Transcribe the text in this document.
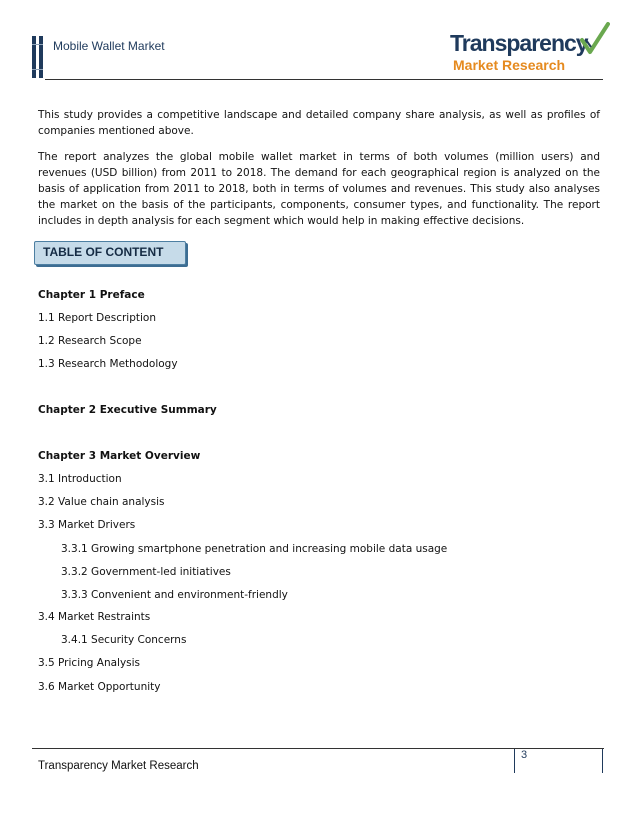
Mobile Wallet Market	Transparency
Market Research

This study provides a competitive landscape and detailed company share analysis, as well as profiles of companies mentioned above.

The report analyzes the global mobile wallet market in terms of both volumes (million users) and revenues (USD billion) from 2011 to 2018. The demand for each geographical region is analyzed on the basis of application from 2011 to 2018, both in terms of volumes and revenues. This study also analyses the market on the basis of the participants, components, consumer types, and functionality. The report includes in depth analysis for each segment which would help in making effective decisions.

TABLE OF CONTENT
Chapter 1 Preface
1.1 Report Description
1.2 Research Scope
1.3 Research Methodology
Chapter 2 Executive Summary
Chapter 3 Market Overview
3.1 Introduction
3.2 Value chain analysis
3.3 Market Drivers
3.3.1 Growing smartphone penetration and increasing mobile data usage
3.3.2 Government-led initiatives
3.3.3 Convenient and environment-friendly
3.4 Market Restraints
3.4.1 Security Concerns
3.5 Pricing Analysis
3.6 Market Opportunity
3
Transparency Market Research
